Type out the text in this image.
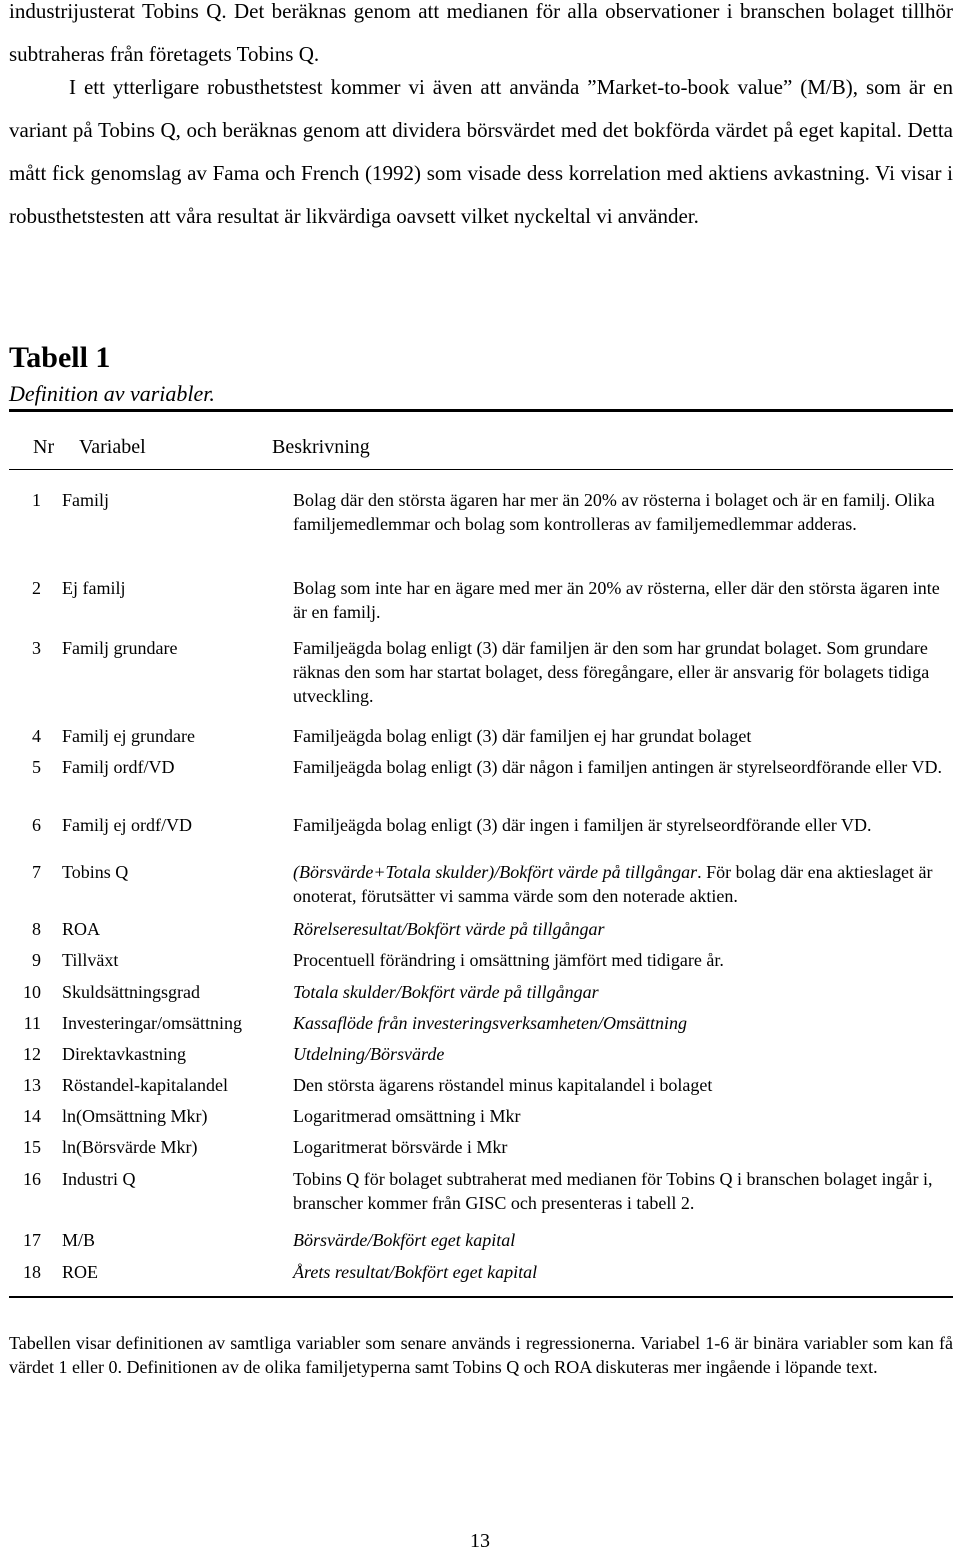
industrijusterat Tobins Q. Det beräknas genom att medianen för alla observationer i branschen bolaget tillhör subtraheras från företagets Tobins Q.

I ett ytterligare robusthetstest kommer vi även att använda ”Market-to-book value” (M/B), som är en variant på Tobins Q, och beräknas genom att dividera börsvärdet med det bokförda värdet på eget kapital. Detta mått fick genomslag av Fama och French (1992) som visade dess korrelation med aktiens avkastning. Vi visar i robusthetstesten att våra resultat är likvärdiga oavsett vilket nyckeltal vi använder.

Tabell 1
Definition av variabler.
Nr Variabel	Beskrivning
1 Familj	Bolag där den största ägaren har mer än 20% av rösterna i bolaget och är en familj. Olika familjemedlemmar och bolag som kontrolleras av familjemedlemmar adderas.
2 Ej familj	Bolag som inte har en ägare med mer än 20% av rösterna, eller där den största ägaren inte är en familj.
3 Familj grundare	Familjeägda bolag enligt (3) där familjen är den som har grundat bolaget. Som grundare räknas den som har startat bolaget, dess föregångare, eller är ansvarig för bolagets tidiga utveckling.
4 Familj ej grundare	Familjeägda bolag enligt (3) där familjen ej har grundat bolaget
5 Familj ordf/VD	Familjeägda bolag enligt (3) där någon i familjen antingen är styrelseordförande eller VD.
6 Familj ej ordf/VD	Familjeägda bolag enligt (3) där ingen i familjen är styrelseordförande eller VD.
7 Tobins Q	(Börsvärde+Totala skulder)/Bokfört värde på tillgångar. För bolag där ena aktieslaget är onoterat, förutsätter vi samma värde som den noterade aktien.
8 ROA	Rörelseresultat/Bokfört värde på tillgångar
9 Tillväxt	Procentuell förändring i omsättning jämfört med tidigare år.
10 Skuldsättningsgrad	Totala skulder/Bokfört värde på tillgångar
11 Investeringar/omsättning	Kassaflöde från investeringsverksamheten/Omsättning
12 Direktavkastning	Utdelning/Börsvärde
13 Röstandel-kapitalandel	Den största ägarens röstandel minus kapitalandel i bolaget
14 ln(Omsättning Mkr)	Logaritmerad omsättning i Mkr
15 ln(Börsvärde Mkr)	Logaritmerat börsvärde i Mkr
16 Industri Q	Tobins Q för bolaget subtraherat med medianen för Tobins Q i branschen bolaget ingår i, branscher kommer från GISC och presenteras i tabell 2.
17 M/B	Börsvärde/Bokfört eget kapital
18 ROE	Årets resultat/Bokfört eget kapital

Tabellen visar definitionen av samtliga variabler som senare används i regressionerna. Variabel 1-6 är binära variabler som kan få värdet 1 eller 0. Definitionen av de olika familjetyperna samt Tobins Q och ROA diskuteras mer ingående i löpande text.

13
